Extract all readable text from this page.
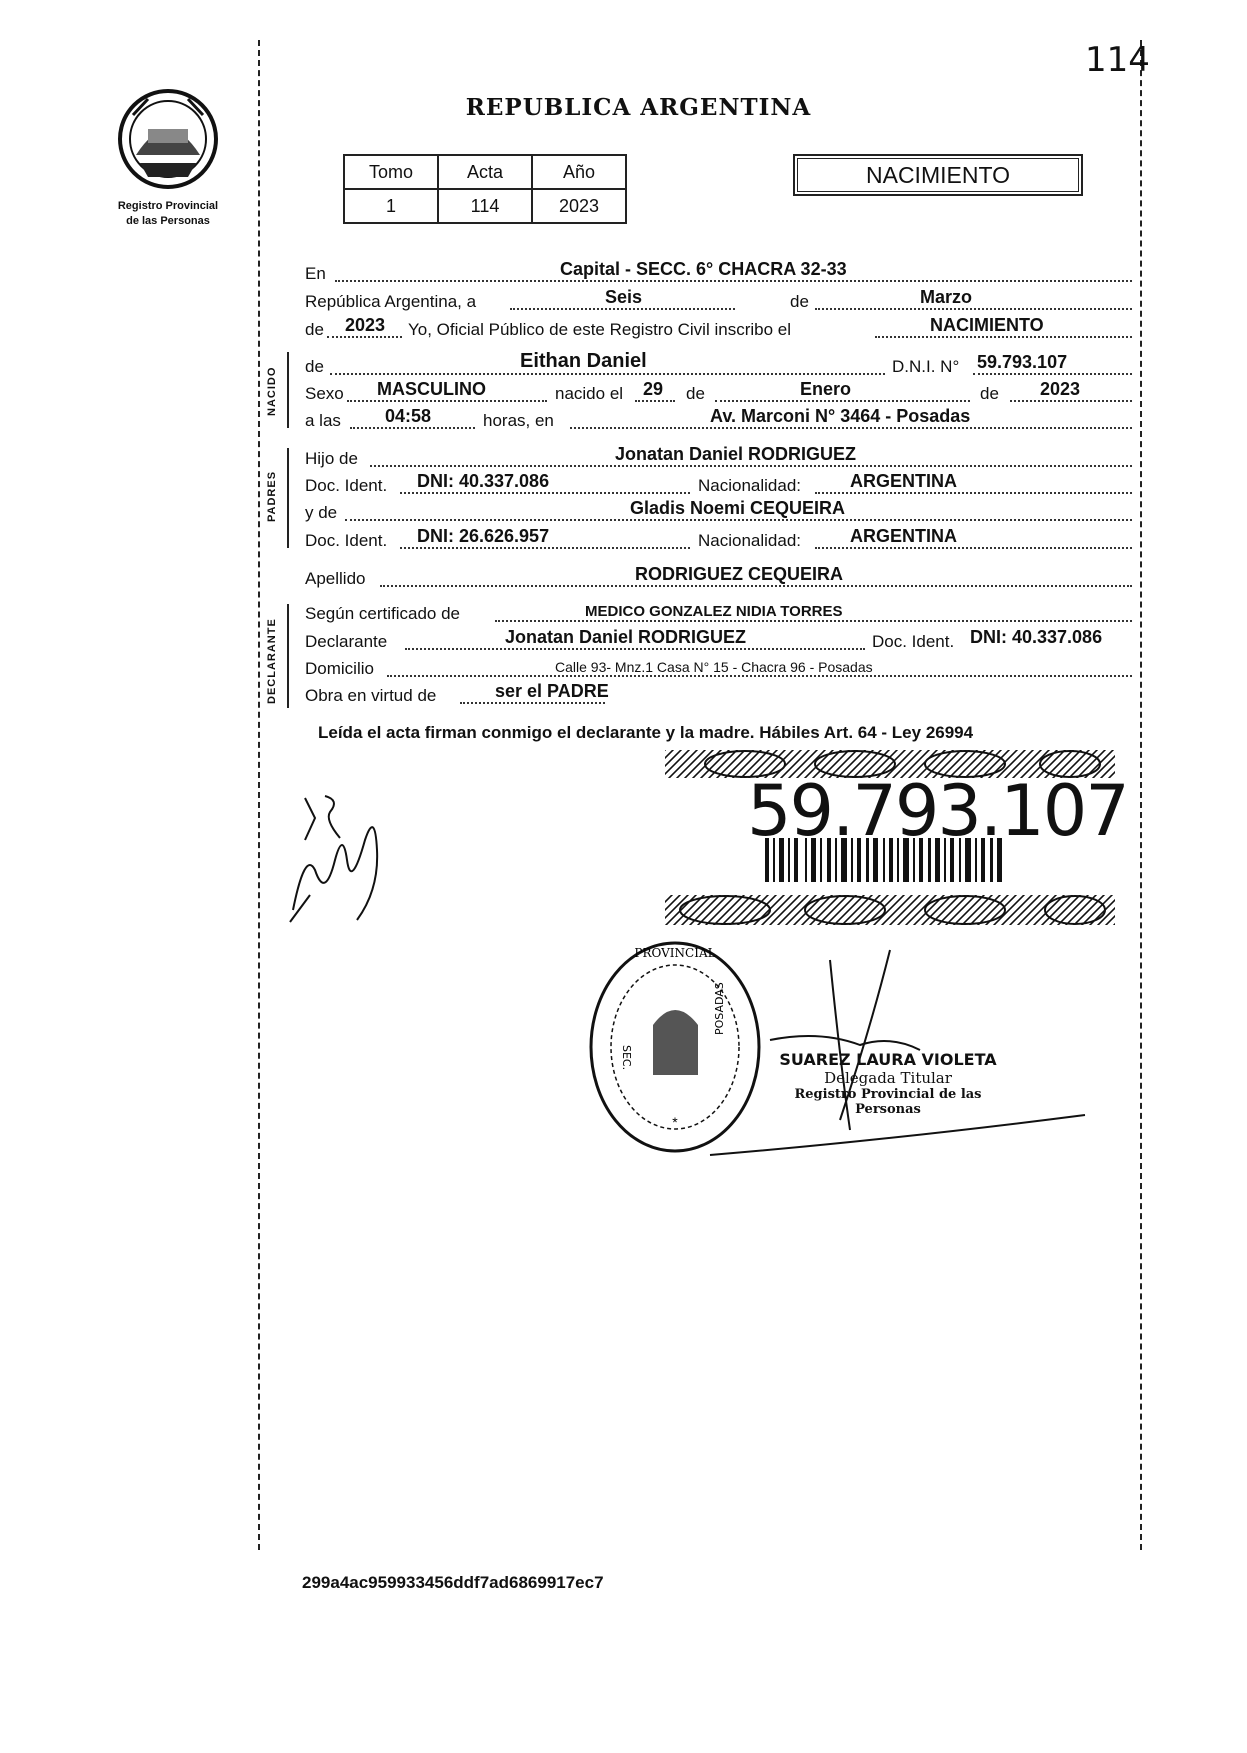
114
Registro Provincial
de las Personas
REPUBLICA ARGENTINA
Tomo	Acta	Año
1	114	2023
NACIMIENTO
En	Capital - SECC. 6° CHACRA 32-33
República Argentina, a	Seis	de	Marzo
de 2023 Yo, Oficial Público de este Registro Civil inscribo el	NACIMIENTO
NACIDO
de	Eithan Daniel	D.N.I. N° 59.793.107
Sexo MASCULINO	nacido el 29 de	Enero	de 2023
a las 04:58	horas, en	Av. Marconi N° 3464 - Posadas
PADRES
Hijo de	Jonatan Daniel RODRIGUEZ
Doc. Ident. DNI: 40.337.086	Nacionalidad:	ARGENTINA
y de	Gladis Noemi CEQUEIRA
Doc. Ident. DNI: 26.626.957	Nacionalidad:	ARGENTINA
Apellido	RODRIGUEZ CEQUEIRA
DECLARANTE
Según certificado de	MEDICO GONZALEZ NIDIA TORRES
Declarante	Jonatan Daniel RODRIGUEZ	Doc. Ident. DNI: 40.337.086
Domicilio	Calle 93- Mnz.1 Casa N° 15 - Chacra 96 - Posadas
Obra en virtud de	ser el PADRE
Leída el acta firman conmigo el declarante y la madre. Hábiles Art. 64 - Ley 26994
59.793.107
PROVINCIAL
SEC.
POSADAS
*
SUAREZ LAURA VIOLETA
Delegada Titular
Registro Provincial de las Personas
299a4ac959933456ddf7ad6869917ec7
